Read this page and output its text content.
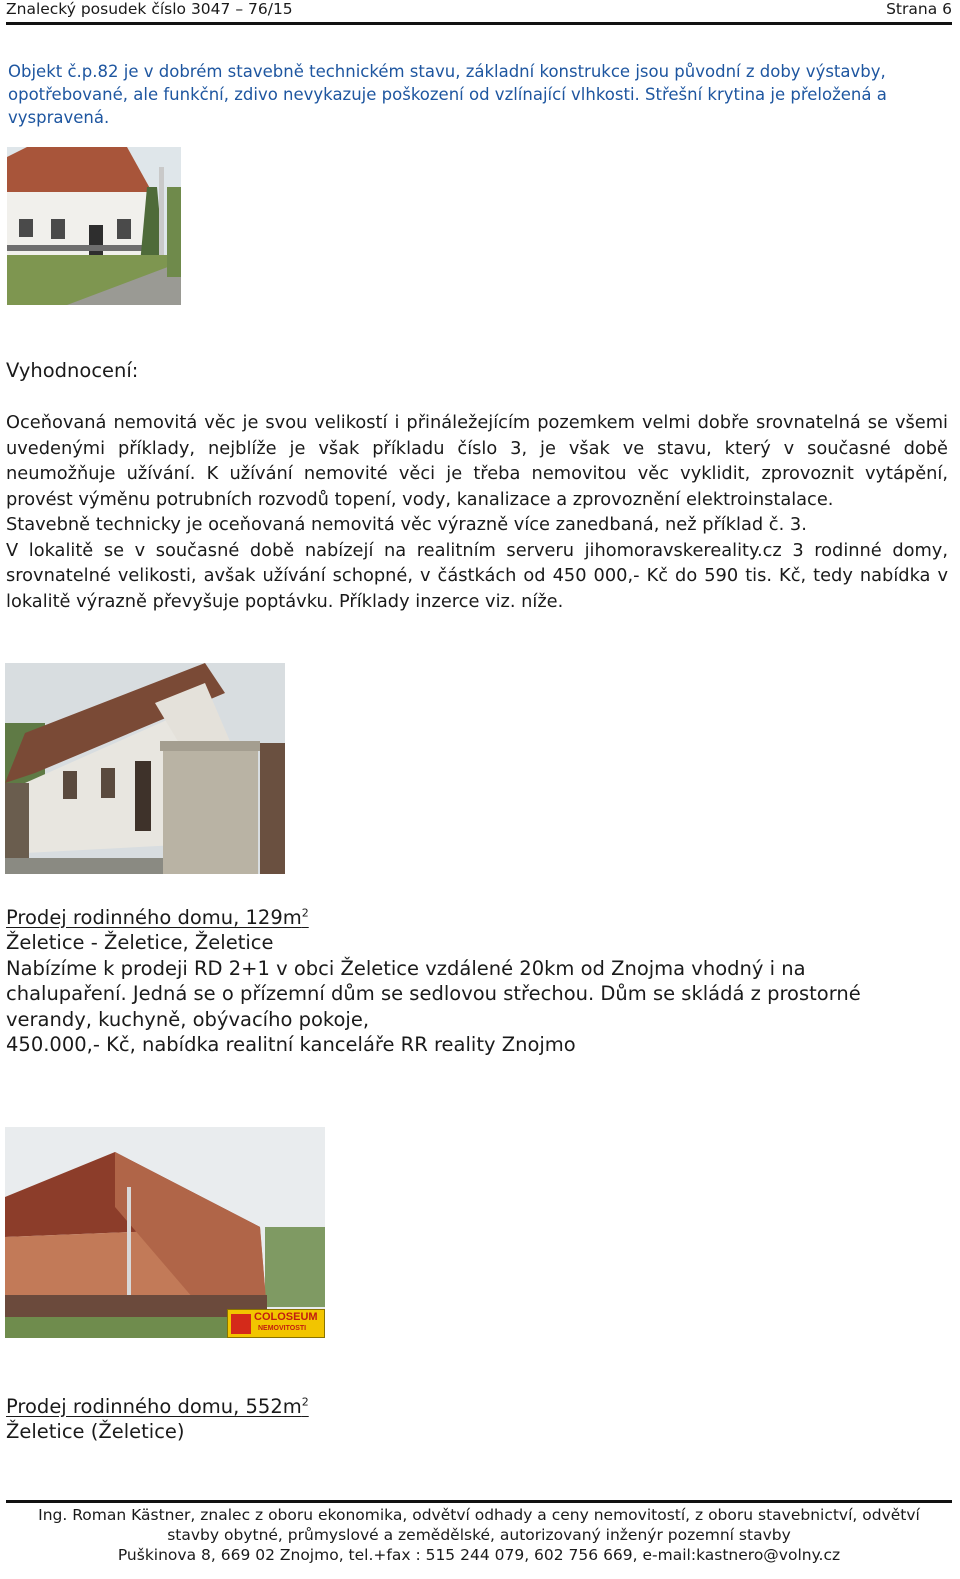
Znalecký posudek číslo 3047 – 76/15	Strana 6
Objekt č.p.82 je v dobrém stavebně technickém stavu, základní konstrukce jsou původní z doby výstavby, opotřebované, ale funkční, zdivo nevykazuje poškození od vzlínající vlhkosti. Střešní krytina je přeložená a vyspravená.
Vyhodnocení:

Oceňovaná nemovitá věc je svou velikostí i přináležejícím pozemkem velmi dobře srovnatelná se všemi uvedenými příklady, nejblíže je však příkladu číslo 3, je však ve stavu, který v současné době neumožňuje užívání. K užívání nemovité věci je třeba nemovitou věc vyklidit, zprovoznit vytápění, provést výměnu potrubních rozvodů topení, vody, kanalizace a zprovoznění elektroinstalace.

Stavebně technicky je oceňovaná nemovitá věc výrazně více zanedbaná, než příklad č. 3.

V lokalitě se v současné době nabízejí na realitním serveru jihomoravskereality.cz 3 rodinné domy, srovnatelné velikosti, avšak užívání schopné, v částkách od 450 000,- Kč do 590 tis. Kč, tedy nabídka v lokalitě výrazně převyšuje poptávku. Příklady inzerce viz. níže.

Prodej rodinného domu, $129m^2$
Želetice - Želetice, Želetice
Nabízíme k prodeji RD 2+1 v obci Želetice vzdálené 20km od Znojma vhodný i na chalupaření. Jedná se o přízemní dům se sedlovou střechou. Dům se skládá z prostorné verandy, kuchyně, obývacího pokoje,
450.000,- Kč, nabídka realitní kanceláře RR reality Znojmo
COLOSEUM
NEMOVITOSTI
Prodej rodinného domu, $552m^2$
Želetice (Želetice)
Ing. Roman Kästner, znalec z oboru ekonomika, odvětví odhady a ceny nemovitostí, z oboru stavebnictví, odvětví
stavby obytné, průmyslové a zemědělské, autorizovaný inženýr pozemní stavby
Puškinova 8, 669 02 Znojmo, tel.+fax : 515 244 079, 602 756 669, e-mail:kastnero@volny.cz
